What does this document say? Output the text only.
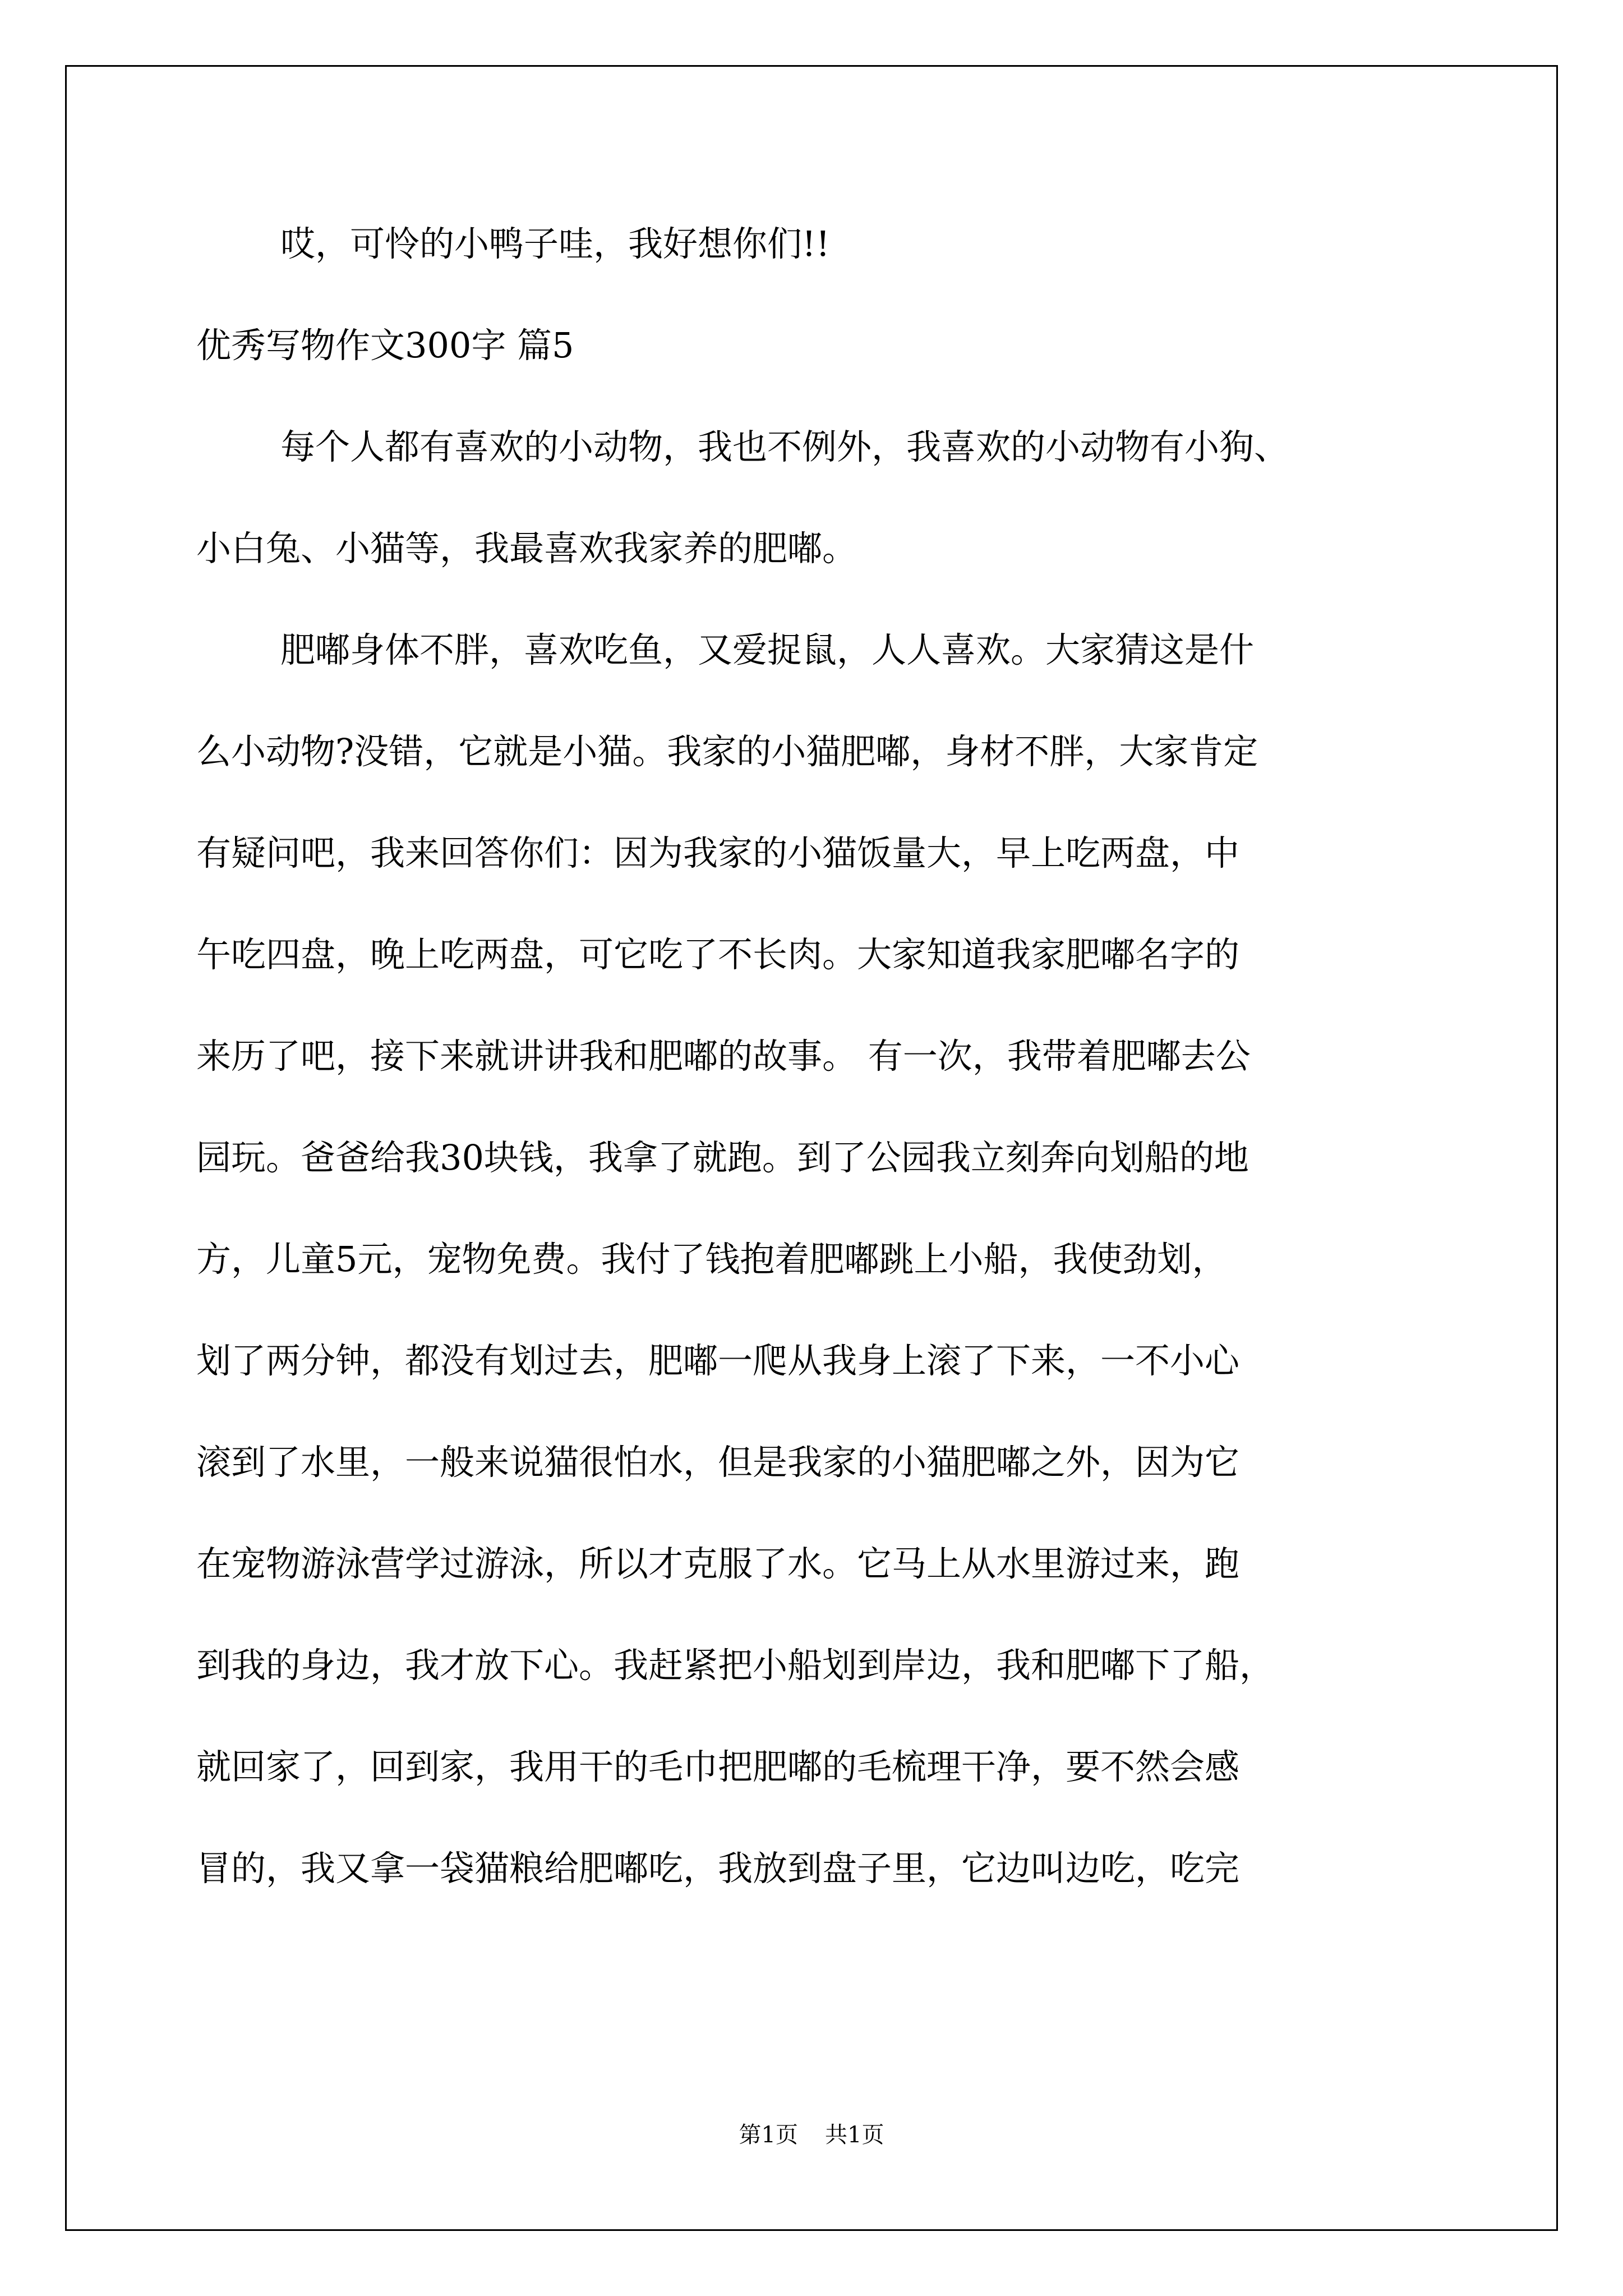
哎，可怜的小鸭子哇，我好想你们!!
优秀写物作文300字 篇5
每个人都有喜欢的小动物，我也不例外，我喜欢的小动物有小狗、
小白兔、小猫等，我最喜欢我家养的肥嘟。
肥嘟身体不胖，喜欢吃鱼，又爱捉鼠，人人喜欢。大家猜这是什
么小动物?没错，它就是小猫。我家的小猫肥嘟，身材不胖，大家肯定
有疑问吧，我来回答你们：因为我家的小猫饭量大，早上吃两盘，中
午吃四盘，晚上吃两盘，可它吃了不长肉。大家知道我家肥嘟名字的
来历了吧，接下来就讲讲我和肥嘟的故事。 有一次，我带着肥嘟去公
园玩。爸爸给我30块钱，我拿了就跑。到了公园我立刻奔向划船的地
方，儿童5元，宠物免费。我付了钱抱着肥嘟跳上小船，我使劲划，
划了两分钟，都没有划过去，肥嘟一爬从我身上滚了下来，一不小心
滚到了水里，一般来说猫很怕水，但是我家的小猫肥嘟之外，因为它
在宠物游泳营学过游泳，所以才克服了水。它马上从水里游过来，跑
到我的身边，我才放下心。我赶紧把小船划到岸边，我和肥嘟下了船，
就回家了，回到家，我用干的毛巾把肥嘟的毛梳理干净，要不然会感
冒的，我又拿一袋猫粮给肥嘟吃，我放到盘子里，它边叫边吃，吃完
第1页 共1页
